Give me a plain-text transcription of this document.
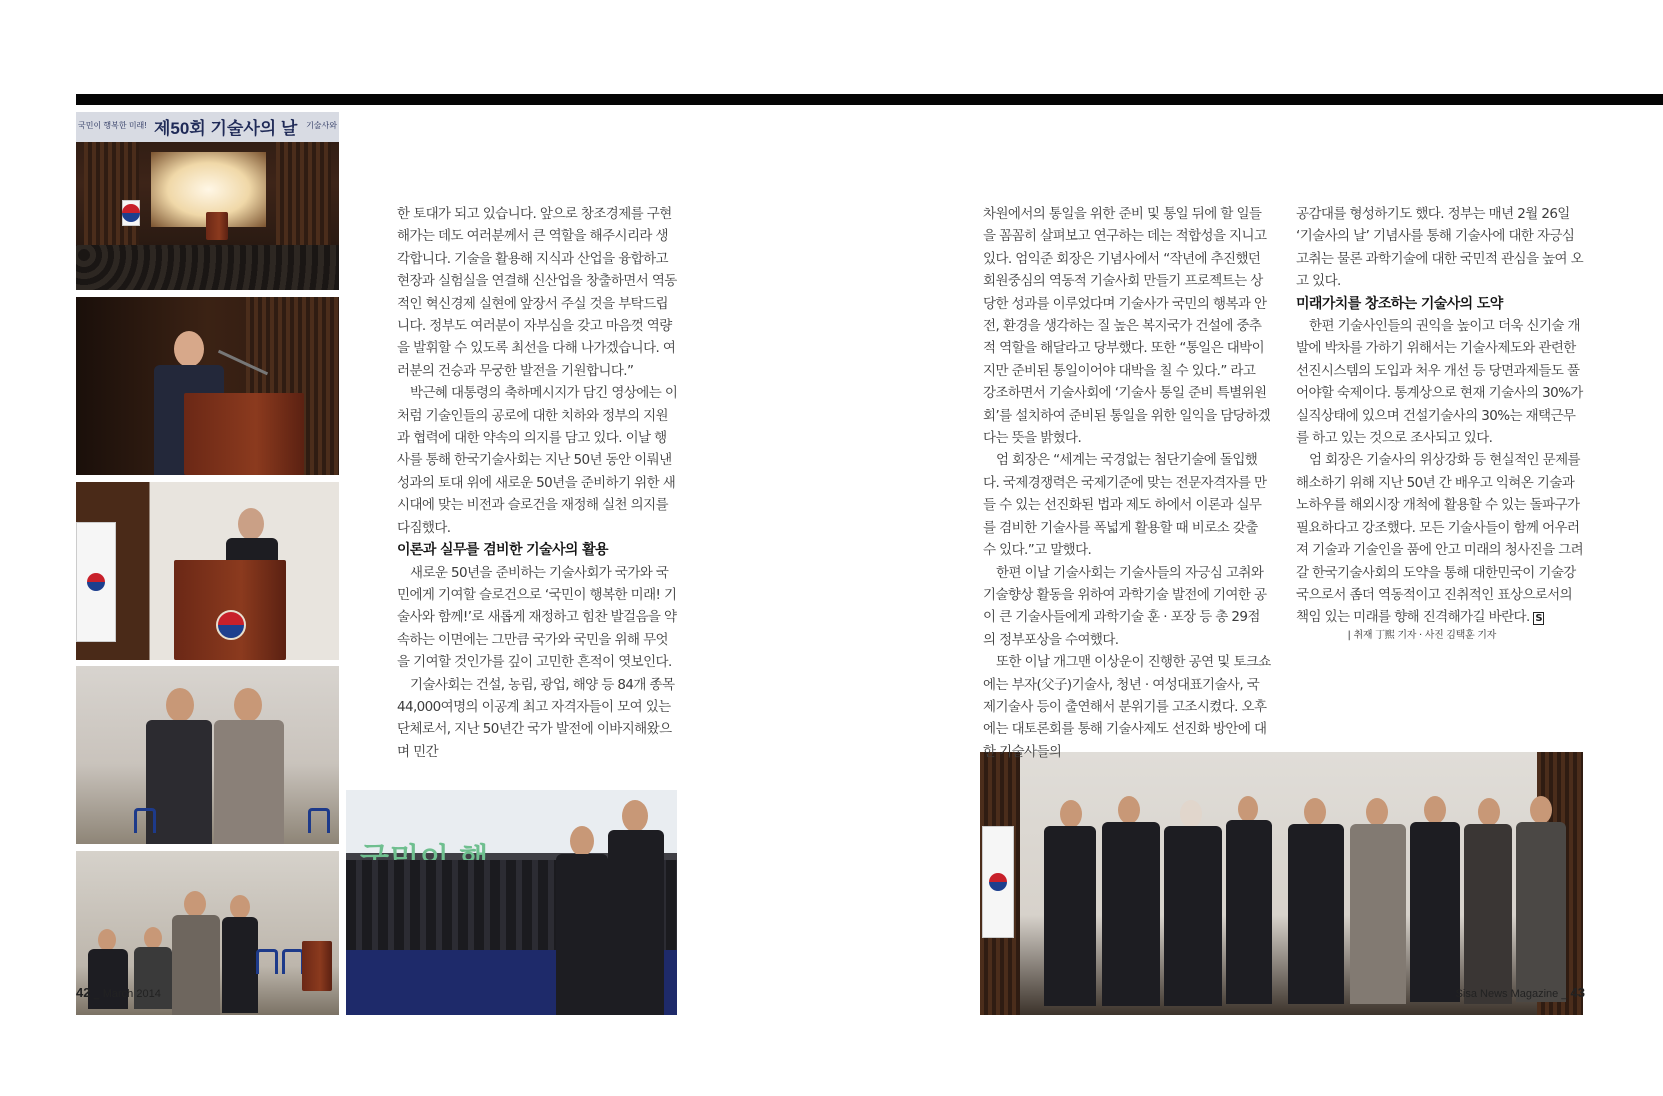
국민이 행복한 미래! 제50회 기술사의 날 기술사와

한 토대가 되고 있습니다. 앞으로 창조경제를 구현해가는 데도 여러분께서 큰 역할을 해주시리라 생각합니다. 기술을 활용해 지식과 산업을 융합하고 현장과 실험실을 연결해 신산업을 창출하면서 역동적인 혁신경제 실현에 앞장서 주실 것을 부탁드립니다. 정부도 여러분이 자부심을 갖고 마음껏 역량을 발휘할 수 있도록 최선을 다해 나가겠습니다. 여러분의 건승과 무궁한 발전을 기원합니다.”

박근혜 대통령의 축하메시지가 담긴 영상에는 이처럼 기술인들의 공로에 대한 치하와 정부의 지원과 협력에 대한 약속의 의지를 담고 있다. 이날 행사를 통해 한국기술사회는 지난 50년 동안 이뤄낸 성과의 토대 위에 새로운 50년을 준비하기 위한 새 시대에 맞는 비전과 슬로건을 재정해 실천 의지를 다짐했다.

이론과 실무를 겸비한 기술사의 활용

새로운 50년을 준비하는 기술사회가 국가와 국민에게 기여할 슬로건으로 ‘국민이 행복한 미래! 기술사와 함께!’로 새롭게 재정하고 힘찬 발걸음을 약속하는 이면에는 그만큼 국가와 국민을 위해 무엇을 기여할 것인가를 깊이 고민한 흔적이 엿보인다.

기술사회는 건설, 농림, 광업, 해양 등 84개 종목 44,000여명의 이공계 최고 자격자들이 모여 있는 단체로서, 지난 50년간 국가 발전에 이바지해왔으며 민간

차원에서의 통일을 위한 준비 및 통일 뒤에 할 일들을 꼼꼼히 살펴보고 연구하는 데는 적합성을 지니고 있다. 엄익준 회장은 기념사에서 “작년에 추진했던 회원중심의 역동적 기술사회 만들기 프로젝트는 상당한 성과를 이루었다며 기술사가 국민의 행복과 안전, 환경을 생각하는 질 높은 복지국가 건설에 중추적 역할을 해달라고 당부했다. 또한 “통일은 대박이지만 준비된 통일이어야 대박을 칠 수 있다.” 라고 강조하면서 기술사회에 ‘기술사 통일 준비 특별위원회’를 설치하여 준비된 통일을 위한 일익을 담당하겠다는 뜻을 밝혔다.

엄 회장은 “세계는 국경없는 첨단기술에 돌입했다. 국제경쟁력은 국제기준에 맞는 전문자격자를 만들 수 있는 선진화된 법과 제도 하에서 이론과 실무를 겸비한 기술사를 폭넓게 활용할 때 비로소 갖출 수 있다.”고 말했다.

한편 이날 기술사회는 기술사들의 자긍심 고취와 기술향상 활동을 위하여 과학기술 발전에 기여한 공이 큰 기술사들에게 과학기술 훈 · 포장 등 총 29점의 정부포상을 수여했다.

또한 이날 개그맨 이상운이 진행한 공연 및 토크쇼에는 부자(父子)기술사, 청년 · 여성대표기술사, 국제기술사 등이 출연해서 분위기를 고조시켰다. 오후에는 대토론회를 통해 기술사제도 선진화 방안에 대한 기술사들의

공감대를 형성하기도 했다. 정부는 매년 2월 26일 ‘기술사의 날’ 기념사를 통해 기술사에 대한 자긍심 고취는 물론 과학기술에 대한 국민적 관심을 높여 오고 있다.

미래가치를 창조하는 기술사의 도약

한편 기술사인들의 권익을 높이고 더욱 신기술 개발에 박차를 가하기 위해서는 기술사제도와 관련한 선진시스템의 도입과 처우 개선 등 당면과제들도 풀어야할 숙제이다. 통계상으로 현재 기술사의 30%가 실직상태에 있으며 건설기술사의 30%는 재택근무를 하고 있는 것으로 조사되고 있다.

엄 회장은 기술사의 위상강화 등 현실적인 문제를 해소하기 위해 지난 50년 간 배우고 익혀온 기술과 노하우를 해외시장 개척에 활용할 수 있는 돌파구가 필요하다고 강조했다. 모든 기술사들이 함께 어우러져 기술과 기술인을 품에 안고 미래의 청사진을 그려갈 한국기술사회의 도약을 통해 대한민국이 기술강국으로서 좀더 역동적이고 진취적인 표상으로서의 책임 있는 미래를 향해 진격해가길 바란다. S

| 취재 丁熙 기자 · 사진 김택훈 기자
42 _ March 2014	Sisa News Magazine _ 43
